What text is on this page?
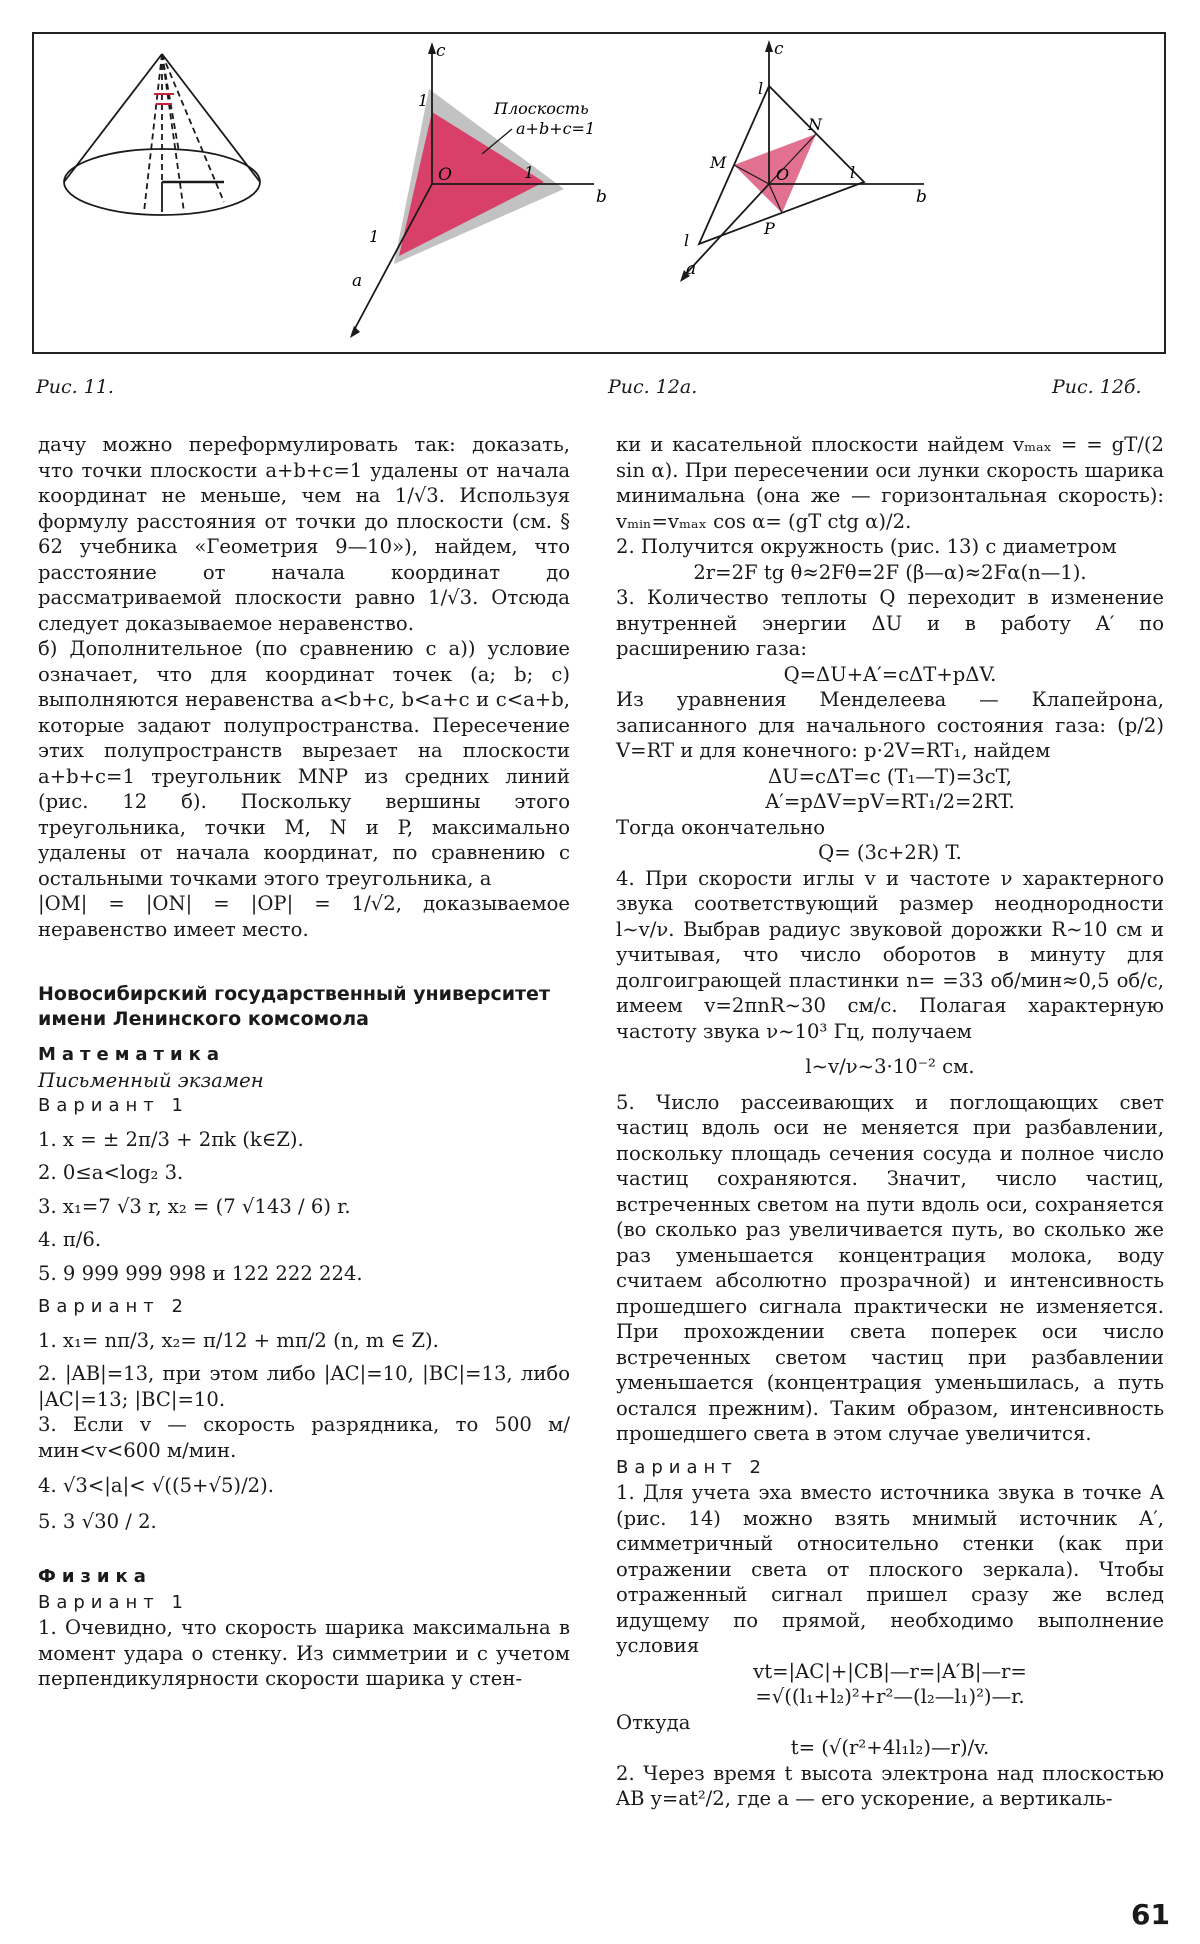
c
b
a
1
1
1
O
Плоскость
a+b+c=1
c
b
a
l
l
l
M
N
P
O
Рис. 11.	Рис. 12а.	Рис. 12б.

дачу можно переформулировать так: доказать, что точки плоскости a+b+c=1 удалены от начала координат не меньше, чем на 1/√3. Используя формулу расстояния от точки до плоскости (см. § 62 учебника «Геометрия 9—10»), найдем, что расстояние от начала координат до рассматриваемой плоскости равно 1/√3. Отсюда следует доказываемое неравенство.

б) Дополнительное (по сравнению с а)) условие означает, что для координат точек (a; b; c) выполняются неравенства a<b+c, b<a+c и c<a+b, которые задают полупространства. Пересечение этих полупространств вырезает на плоскости a+b+c=1 треугольник MNP из средних линий (рис. 12 б). Поскольку вершины этого треугольника, точки M, N и P, максимально удалены от начала координат, по сравнению с остальными точками этого треугольника, а

|OM| = |ON| = |OP| = 1/√2, доказываемое неравенство имеет место.

Новосибирский государственный университет имени Ленинского комсомола

Математика

Письменный экзамен

Вариант 1

1. x = ± 2π/3 + 2πk (k∈Z).

2. 0≤a<log₂ 3.

3. x₁=7 √3 r, x₂ = (7 √143 / 6) r.

4. π/6.

5. 9 999 999 998 и 122 222 224.

Вариант 2

1. x₁= nπ/3, x₂= π/12 + mπ/2 (n, m ∈ Z).

2. |AB|=13, при этом либо |AC|=10, |BC|=13, либо |AC|=13; |BC|=10.

3. Если v — скорость разрядника, то 500 м/мин<v<600 м/мин.

4. √3<|a|< √((5+√5)/2).

5. 3 √30 / 2.

Физика

Вариант 1

1. Очевидно, что скорость шарика максимальна в момент удара о стенку. Из симметрии и с учетом перпендикулярности скорости шарика у стен-

ки и касательной плоскости найдем vₘₐₓ = = gT/(2 sin α). При пересечении оси лунки скорость шарика минимальна (она же — горизонтальная скорость): vₘᵢₙ=vₘₐₓ cos α= (gT ctg α)/2.

2. Получится окружность (рис. 13) с диаметром

2r=2F tg θ≈2Fθ=2F (β—α)≈2Fα(n—1).

3. Количество теплоты Q переходит в изменение внутренней энергии ΔU и в работу A′ по расширению газа:

Q=ΔU+A′=cΔT+pΔV.

Из уравнения Менделеева — Клапейрона, записанного для начального состояния газа: (p/2) V=RT и для конечного: p·2V=RT₁, найдем

ΔU=cΔT=c (T₁—T)=3cT,

A′=pΔV=pV=RT₁/2=2RT.

Тогда окончательно

Q= (3c+2R) T.

4. При скорости иглы v и частоте ν характерного звука соответствующий размер неоднородности l∼v/ν. Выбрав радиус звуковой дорожки R∼10 см и учитывая, что число оборотов в минуту для долгоиграющей пластинки n= =33 об/мин≈0,5 об/с, имеем v=2πnR∼30 см/с. Полагая характерную частоту звука ν∼10³ Гц, получаем

l∼v/ν∼3·10⁻² см.

5. Число рассеивающих и поглощающих свет частиц вдоль оси не меняется при разбавлении, поскольку площадь сечения сосуда и полное число частиц сохраняются. Значит, число частиц, встреченных светом на пути вдоль оси, сохраняется (во сколько раз увеличивается путь, во сколько же раз уменьшается концентрация молока, воду считаем абсолютно прозрачной) и интенсивность прошедшего сигнала практически не изменяется. При прохождении света поперек оси число встреченных светом частиц при разбавлении уменьшается (концентрация уменьшилась, а путь остался прежним). Таким образом, интенсивность прошедшего света в этом случае увеличится.

Вариант 2

1. Для учета эха вместо источника звука в точке A (рис. 14) можно взять мнимый источник A′, симметричный относительно стенки (как при отражении света от плоского зеркала). Чтобы отраженный сигнал пришел сразу же вслед идущему по прямой, необходимо выполнение условия

vt=|AC|+|CB|—r=|A′B|—r=

=√((l₁+l₂)²+r²—(l₂—l₁)²)—r.

Откуда

t= (√(r²+4l₁l₂)—r)/v.

2. Через время t высота электрона над плоскостью AB y=at²/2, где a — его ускорение, а вертикаль-

61
